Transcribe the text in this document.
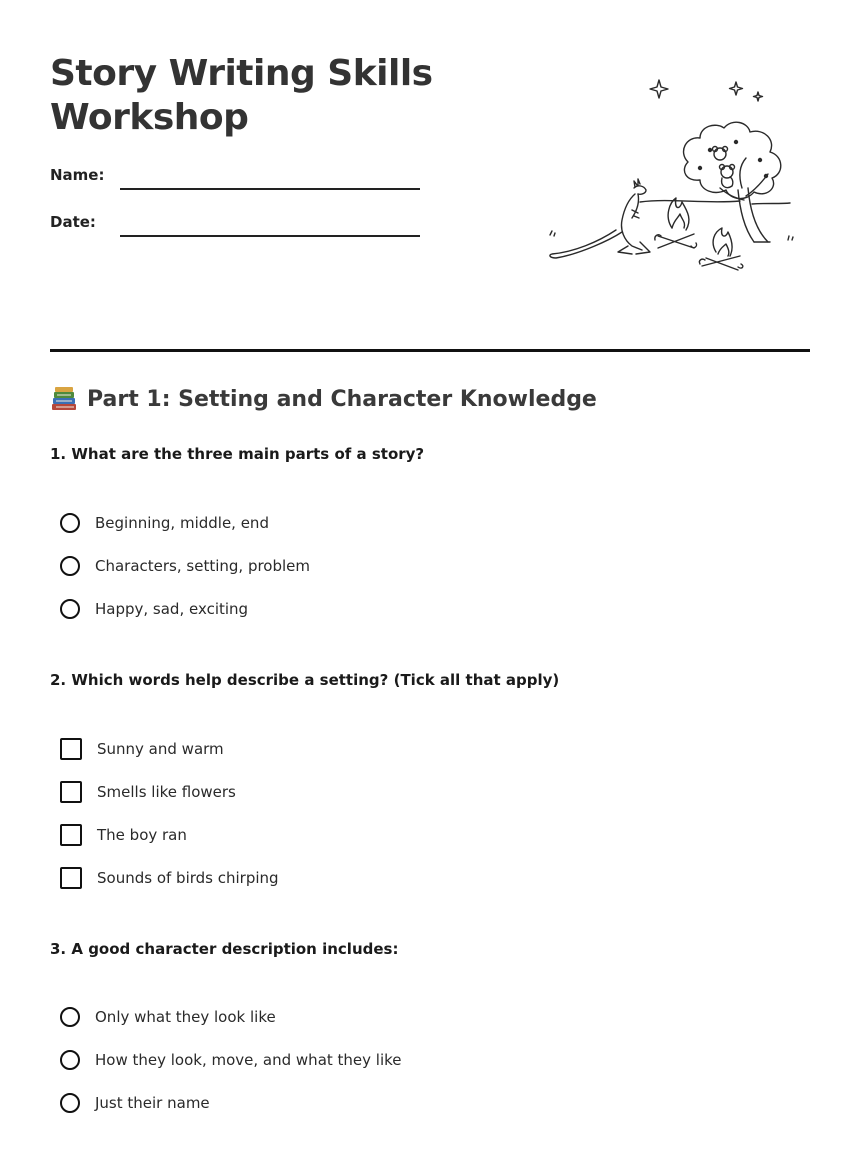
Story Writing Skills
Workshop
Name:
Date:
Part 1: Setting and Character Knowledge
1. What are the three main parts of a story?
Beginning, middle, end
Characters, setting, problem
Happy, sad, exciting
2. Which words help describe a setting? (Tick all that apply)
Sunny and warm
Smells like flowers
The boy ran
Sounds of birds chirping
3. A good character description includes:
Only what they look like
How they look, move, and what they like
Just their name
